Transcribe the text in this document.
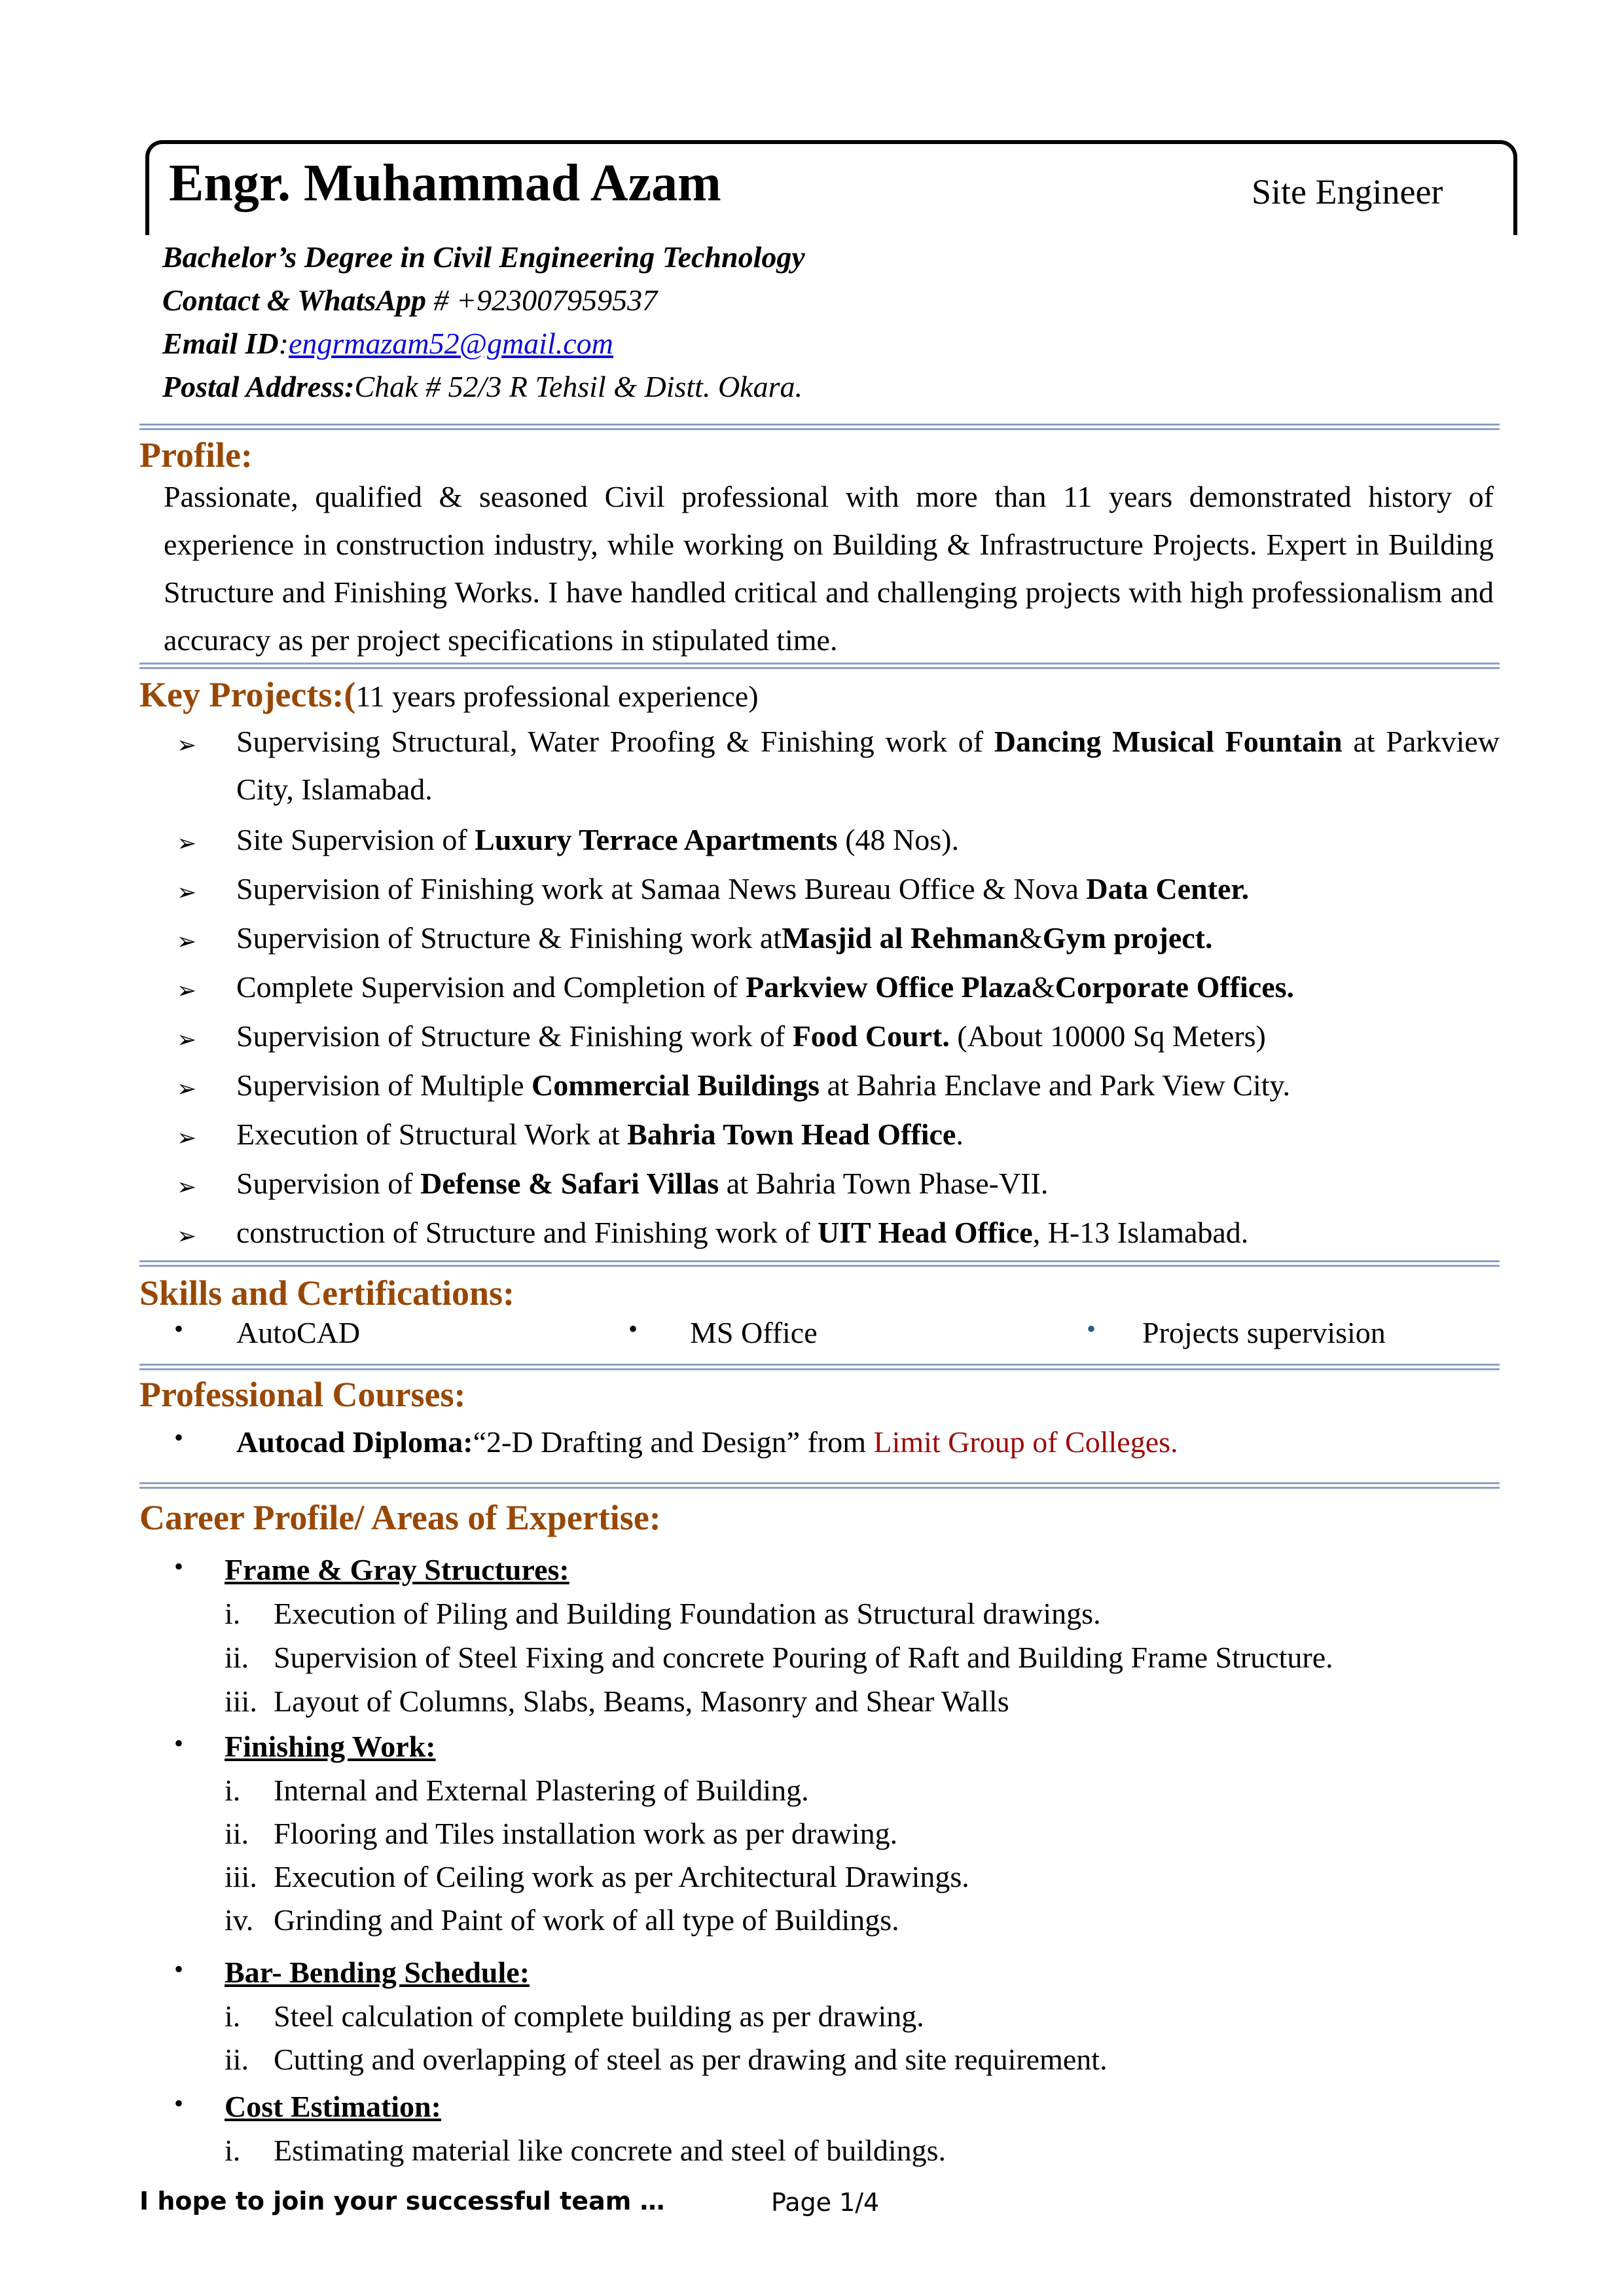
Engr. Muhammad Azam	Site Engineer
Bachelor’s Degree in Civil Engineering Technology
Contact & WhatsApp # +923007959537
Email ID:engrmazam52@gmail.com
Postal Address:Chak # 52/3 R Tehsil & Distt. Okara.
Profile:
Passionate, qualified & seasoned Civil professional with more than 11 years demonstrated history of experience in construction industry, while working on Building & Infrastructure Projects. Expert in Building Structure and Finishing Works. I have handled critical and challenging projects with high professionalism and accuracy as per project specifications in stipulated time.
Key Projects:(11 years professional experience)
➢ Supervising Structural, Water Proofing & Finishing work of Dancing Musical Fountain at Parkview City, Islamabad.
➢ Site Supervision of Luxury Terrace Apartments (48 Nos).
➢ Supervision of Finishing work at Samaa News Bureau Office & Nova Data Center.
➢ Supervision of Structure & Finishing work atMasjid al Rehman&Gym project.
➢ Complete Supervision and Completion of Parkview Office Plaza&Corporate Offices.
➢ Supervision of Structure & Finishing work of Food Court. (About 10000 Sq Meters)
➢ Supervision of Multiple Commercial Buildings at Bahria Enclave and Park View City.
➢ Execution of Structural Work at Bahria Town Head Office.
➢ Supervision of Defense & Safari Villas at Bahria Town Phase-VII.
➢ construction of Structure and Finishing work of UIT Head Office, H-13 Islamabad.
Skills and Certifications:
• AutoCAD	• MS Office	• Projects supervision
Professional Courses:
• Autocad Diploma:“2-D Drafting and Design” from Limit Group of Colleges.
Career Profile/ Areas of Expertise:
• Frame & Gray Structures:
i. Execution of Piling and Building Foundation as Structural drawings.
ii. Supervision of Steel Fixing and concrete Pouring of Raft and Building Frame Structure.
iii. Layout of Columns, Slabs, Beams, Masonry and Shear Walls
• Finishing Work:
i. Internal and External Plastering of Building.
ii. Flooring and Tiles installation work as per drawing.
iii. Execution of Ceiling work as per Architectural Drawings.
iv. Grinding and Paint of work of all type of Buildings.
• Bar- Bending Schedule:
i. Steel calculation of complete building as per drawing.
ii. Cutting and overlapping of steel as per drawing and site requirement.
• Cost Estimation:
i. Estimating material like concrete and steel of buildings.
I hope to join your successful team …	Page 1/4
